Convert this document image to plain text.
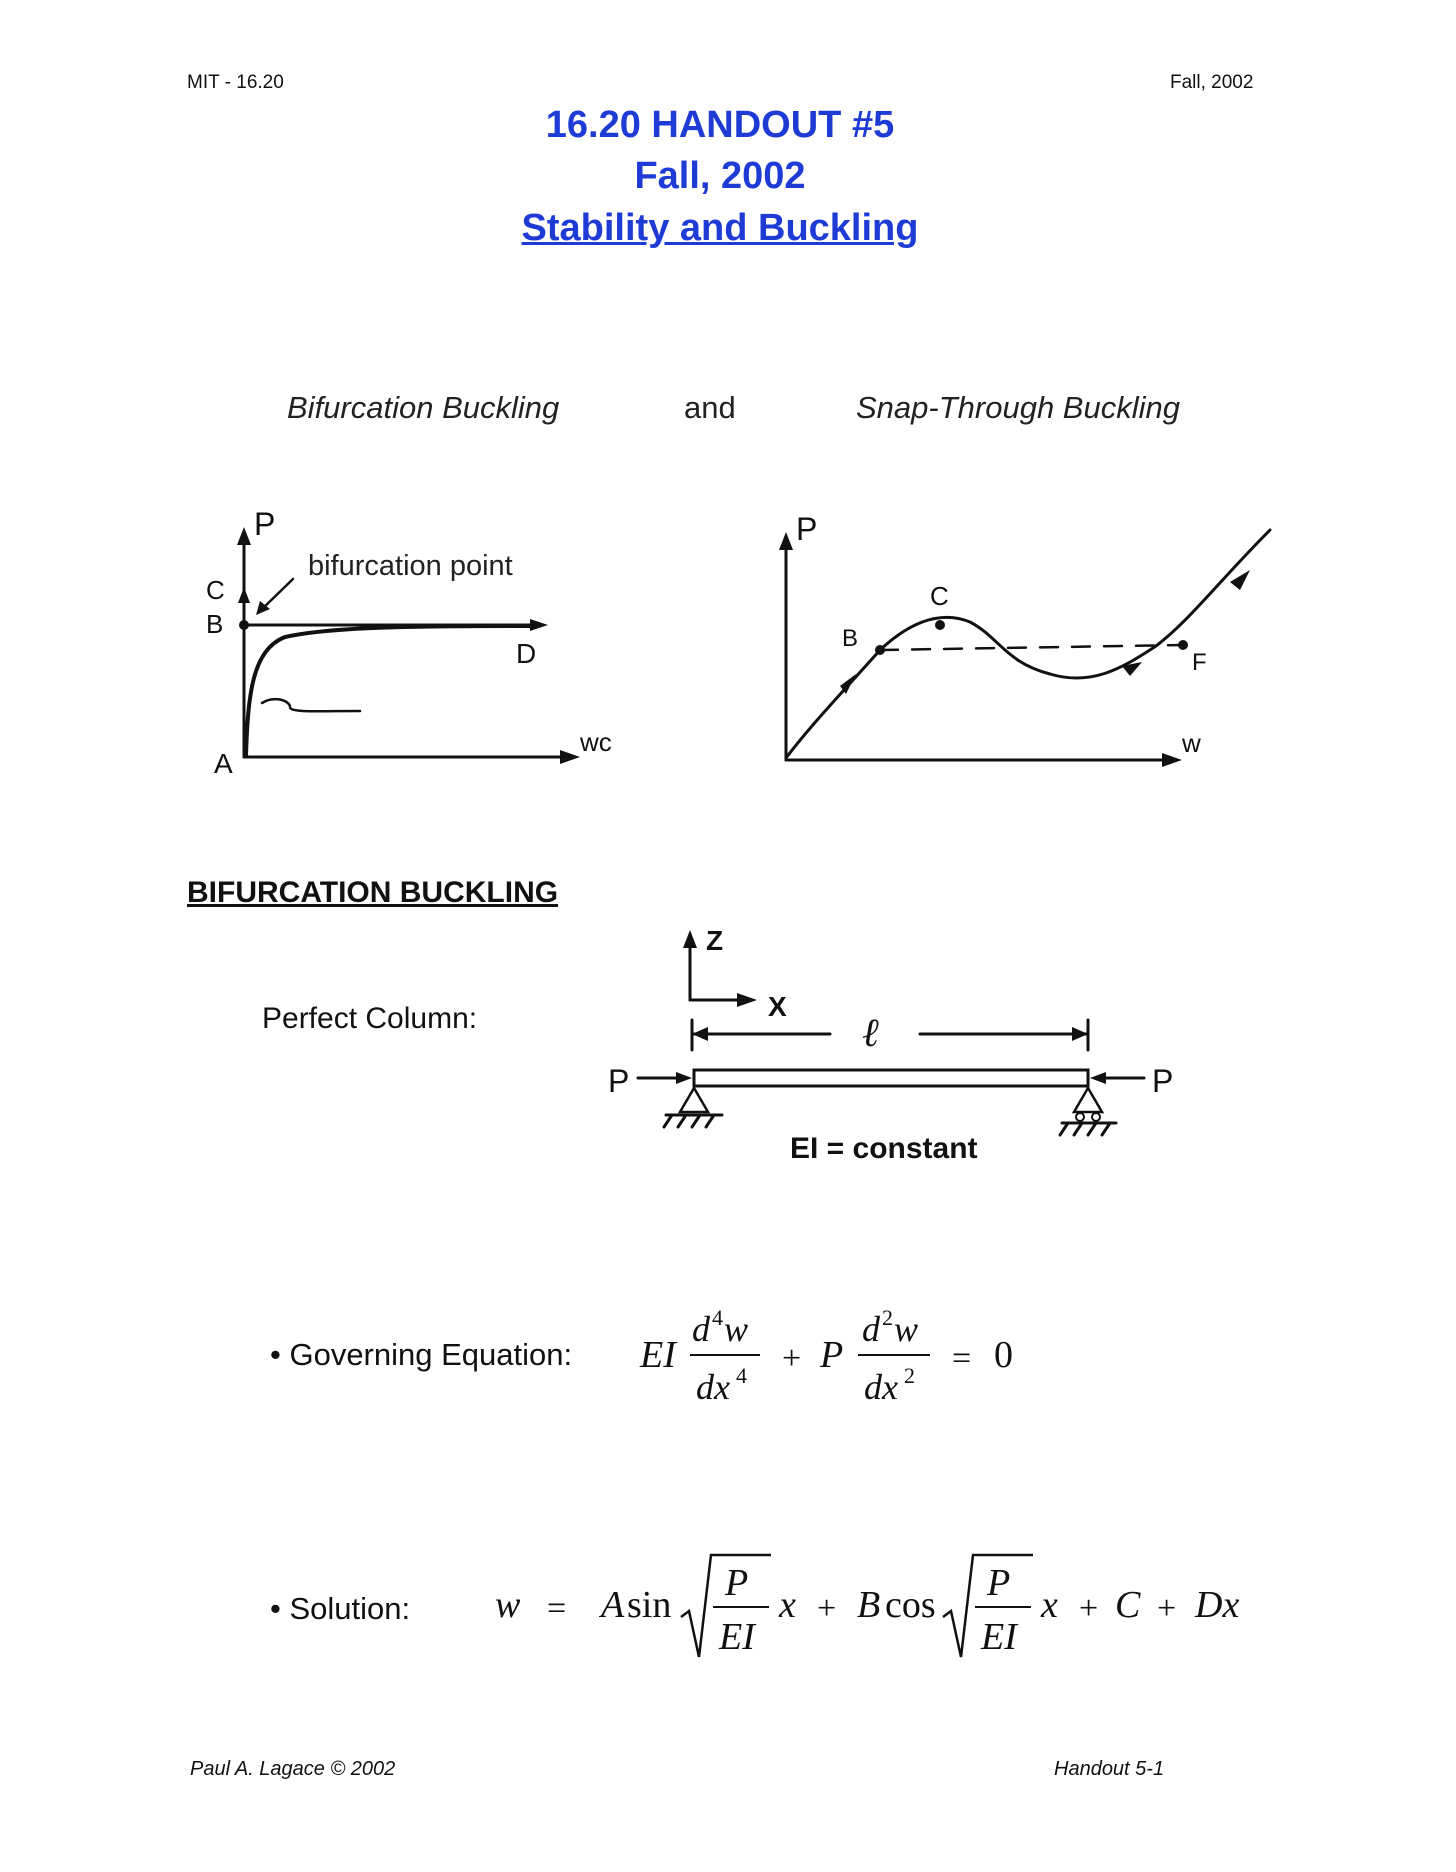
MIT - 16.20	Fall, 2002
16.20 HANDOUT #5
Fall, 2002
Stability and Buckling
Bifurcation Buckling	and	Snap-Through Buckling
bifurcation point
P
C
B
A
D
wc
P
B
C
F
w
BIFURCATION BUCKLING
Perfect Column:
Z
X
ℓ
P	P
EI = constant
• Governing Equation: EI
d 4 w
dx 4 + P
d 2 w
dx 2 = 0
• Solution: w = A sin
P
EI
x + B cos
P
EI
x + C + Dx
Paul A. Lagace © 2002	Handout 5-1
